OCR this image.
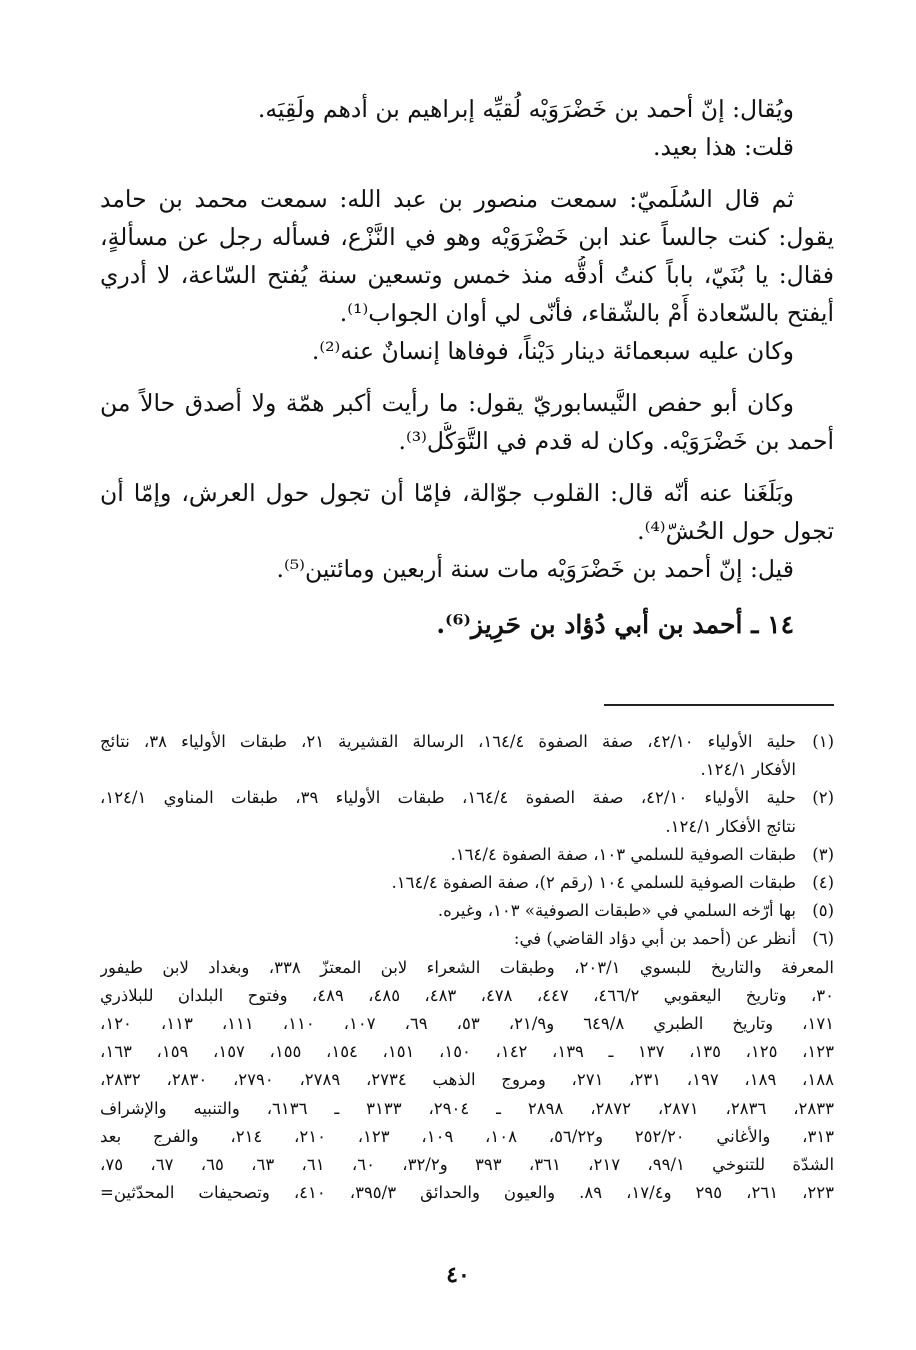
ويُقال: إنّ أحمد بن خَضْرَوَيْه لُقيِّه إبراهيم بن أدهم ولَقِيَه.
قلت: هذا بعيد.
ثم قال السُلَميّ: سمعت منصور بن عبد الله: سمعت محمد بن حامد
يقول: كنت جالساً عند ابن خَضْرَوَيْه وهو في النَّزْع، فسأله رجل عن مسألةٍ،
فقال: يا بُنَيّ، باباً كنتُ أدقُّه منذ خمس وتسعين سنة يُفتح السّاعة، لا أدري
أيفتح بالسّعادة أَمْ بالشّقاء، فأنّى لي أوان الجواب⁽¹⁾.
وكان عليه سبعمائة دينار دَيْناً، فوفاها إنسانٌ عنه⁽²⁾.
وكان أبو حفص النَّيسابوريّ يقول: ما رأيت أكبر همّة ولا أصدق حالاً من
أحمد بن خَضْرَوَيْه. وكان له قدم في التَّوَكُّل⁽³⁾.
وبَلَغَنا عنه أنّه قال: القلوب جوّالة، فإمّا أن تجول حول العرش، وإمّا أن
تجول حول الحُشّ⁽⁴⁾.
قيل: إنّ أحمد بن خَضْرَوَيْه مات سنة أربعين ومائتين⁽⁵⁾.
١٤ ـ أحمد بن أبي دُؤاد بن حَرِيز⁽⁶⁾.
(١)
حلية الأولياء ٤٢/١٠، صفة الصفوة ١٦٤/٤، الرسالة القشيرية ٢١، طبقات الأولياء ٣٨، نتائج
الأفكار ١٢٤/١.
(٢)
حلية الأولياء ٤٢/١٠، صفة الصفوة ١٦٤/٤، طبقات الأولياء ٣٩، طبقات المناوي ١٢٤/١،
نتائج الأفكار ١٢٤/١.
(٣)
طبقات الصوفية للسلمي ١٠٣، صفة الصفوة ١٦٤/٤.
(٤)
طبقات الصوفية للسلمي ١٠٤ (رقم ٢)، صفة الصفوة ١٦٤/٤.
(٥)
بها أرّخه السلمي في «طبقات الصوفية» ١٠٣، وغيره.
(٦)
أنظر عن (أحمد بن أبي دؤاد القاضي) في:
المعرفة والتاريخ للبسوي ٢٠٣/١، وطبقات الشعراء لابن المعتزّ ٣٣٨، وبغداد لابن طيفور
٣٠، وتاريخ اليعقوبي ٤٦٦/٢، ٤٤٧، ٤٧٨، ٤٨٣، ٤٨٥، ٤٨٩، وفتوح البلدان للبلاذري
١٧١، وتاريخ الطبري ٦٤٩/٨ و٢١/٩، ٥٣، ٦٩، ١٠٧، ١١٠، ١١١، ١١٣، ١٢٠،
١٢٣، ١٢٥، ١٣٥، ١٣٧ ـ ١٣٩، ١٤٢، ١٥٠، ١٥١، ١٥٤، ١٥٥، ١٥٧، ١٥٩، ١٦٣،
١٨٨، ١٨٩، ١٩٧، ٢٣١، ٢٧١، ومروج الذهب ٢٧٣٤، ٢٧٨٩، ٢٧٩٠، ٢٨٣٠، ٢٨٣٢،
٢٨٣٣، ٢٨٣٦، ٢٨٧١، ٢٨٧٢، ٢٨٩٨ ـ ٢٩٠٤، ٣١٣٣ ـ ٦١٣٦، والتنبيه والإشراف
٣١٣، والأغاني ٢٥٢/٢٠ و٥٦/٢٢، ١٠٨، ١٠٩، ١٢٣، ٢١٠، ٢١٤، والفرج بعد
الشدّة للتنوخي ٩٩/١، ٢١٧، ٣٦١، ٣٩٣ و٣٢/٢، ٦٠، ٦١، ٦٣، ٦٥، ٦٧، ٧٥،
٢٢٣، ٢٦١، ٢٩٥ و١٧/٤، ٨٩. والعيون والحدائق ٣٩٥/٣، ٤١٠، وتصحيفات المحدّثين=
٤٠
